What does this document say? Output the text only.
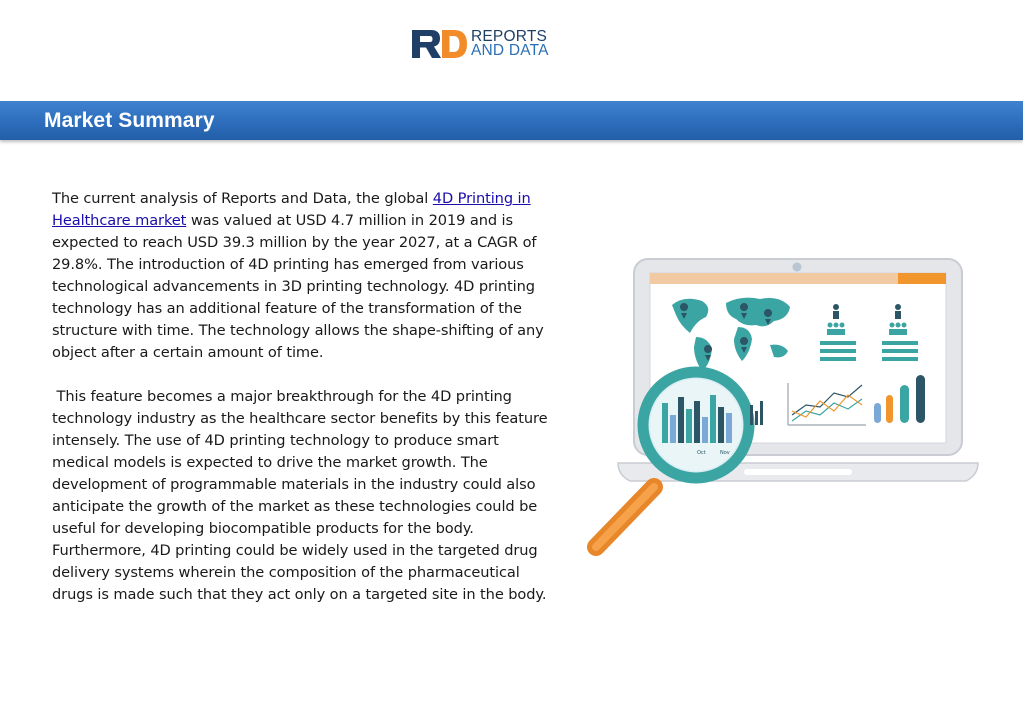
REPORTS
AND DATA
Market Summary

The current analysis of Reports and Data, the global 4D Printing in Healthcare market was valued at USD 4.7 million in 2019 and is expected to reach USD 39.3 million by the year 2027, at a CAGR of 29.8%. The introduction of 4D printing has emerged from various technological advancements in 3D printing technology. 4D printing technology has an additional feature of the transformation of the structure with time. The technology allows the shape-shifting of any object after a certain amount of time.

This feature becomes a major breakthrough for the 4D printing technology industry as the healthcare sector benefits by this feature intensely. The use of 4D printing technology to produce smart medical models is expected to drive the market growth. The development of programmable materials in the industry could also anticipate the growth of the market as these technologies could be useful for developing biocompatible products for the body. Furthermore, 4D printing could be widely used in the targeted drug delivery systems wherein the composition of the pharmaceutical drugs is made such that they act only on a targeted site in the body.

Oct	Nov
